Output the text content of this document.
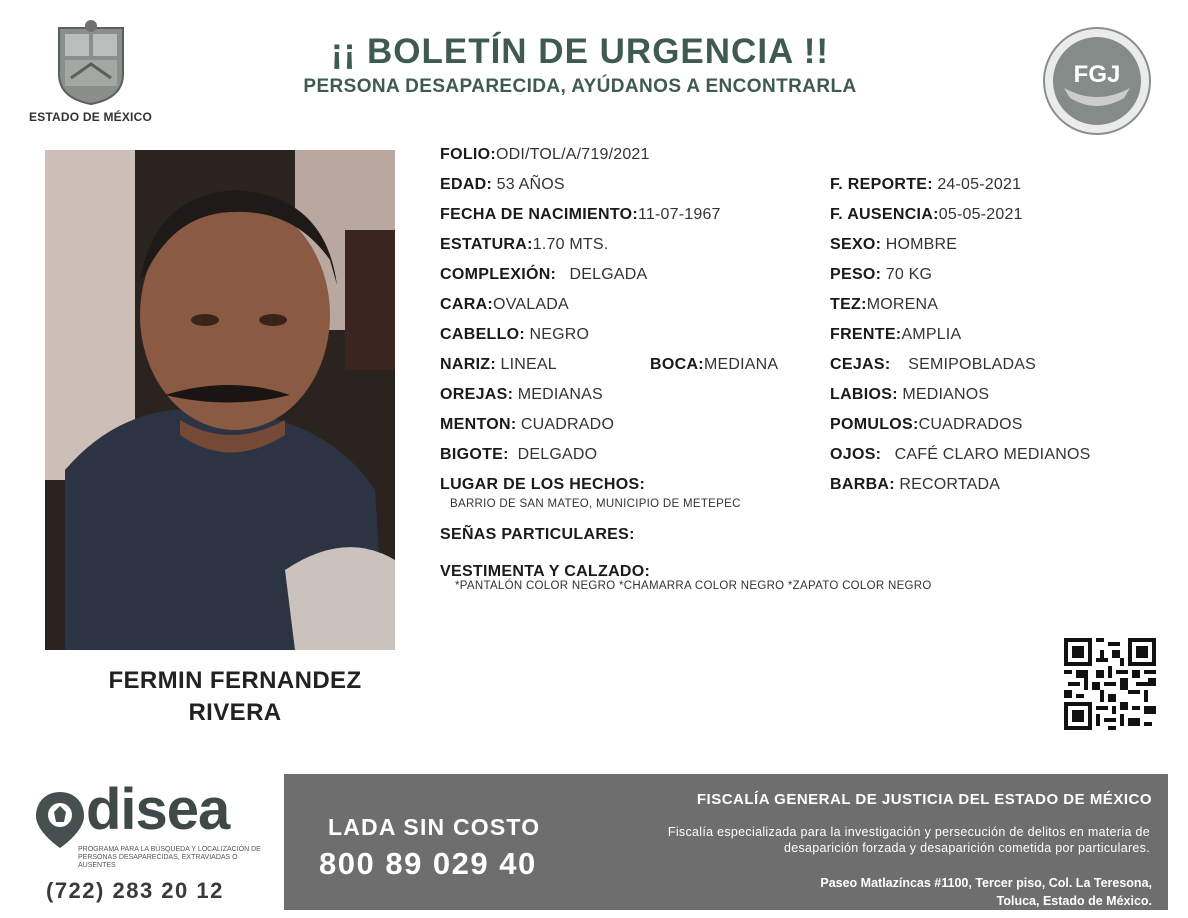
ESTADO DE MÉXICO
¡¡ BOLETÍN DE URGENCIA !!
PERSONA DESAPARECIDA, AYÚDANOS A ENCONTRARLA	FGJ
FERMIN FERNANDEZ
RIVERA
FOLIO:ODI/TOL/A/719/2021
EDAD: 53 AÑOS
FECHA DE NACIMIENTO:11-07-1967
ESTATURA:1.70 MTS.
COMPLEXIÓN: DELGADA
CARA:OVALADA
CABELLO: NEGRO
NARIZ: LINEAL	BOCA:MEDIANA
OREJAS: MEDIANAS
MENTON: CUADRADO
BIGOTE: DELGADO
LUGAR DE LOS HECHOS:
BARRIO DE SAN MATEO, MUNICIPIO DE METEPEC
SEÑAS PARTICULARES:
VESTIMENTA Y CALZADO:
*PANTALÓN COLOR NEGRO *CHAMARRA COLOR NEGRO *ZAPATO COLOR NEGRO
F. REPORTE: 24-05-2021
F. AUSENCIA:05-05-2021
SEXO: HOMBRE
PESO: 70 KG
TEZ:MORENA
FRENTE:AMPLIA
CEJAS: SEMIPOBLADAS
LABIOS: MEDIANOS
POMULOS:CUADRADOS
OJOS: CAFÉ CLARO MEDIANOS
BARBA: RECORTADA
disea
PROGRAMA PARA LA BÚSQUEDA Y LOCALIZACIÓN DE PERSONAS DESAPARECIDAS, EXTRAVIADAS O AUSENTES
(722) 283 20 12
LADA SIN COSTO
800 89 029 40
FISCALÍA GENERAL DE JUSTICIA DEL ESTADO DE MÉXICO
Fiscalía especializada para la investigación y persecución de delitos en materia de desaparición forzada y desaparición cometida por particulares.
Paseo Matlazíncas #1100, Tercer piso, Col. La Teresona,
Toluca, Estado de México.
